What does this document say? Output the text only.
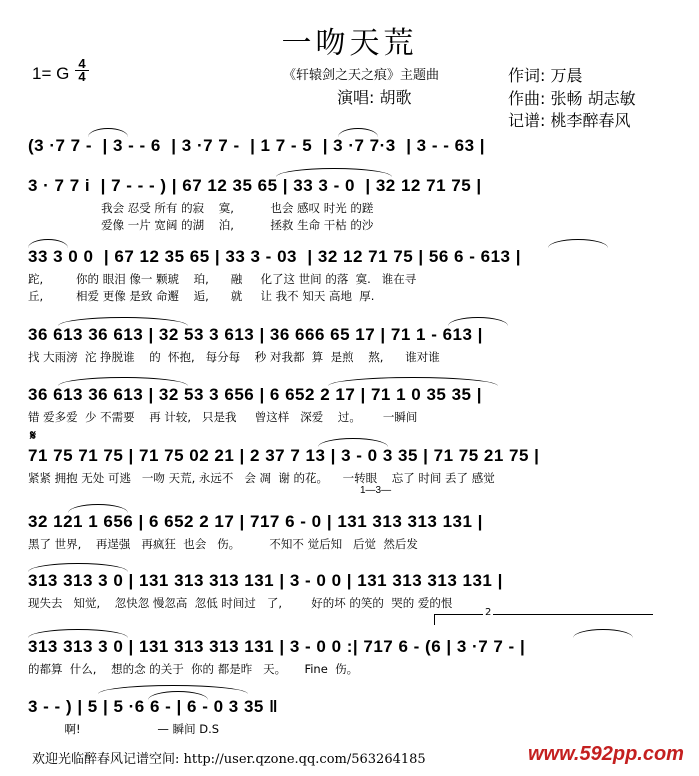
一吻天荒
1= G
4
4	《轩辕剑之天之痕》主题曲
演唱: 胡歌
作词: 万晨
作曲: 张畅 胡志敏
记谱: 桃李醉春风
𝄋
1—3—
2
(3 ·7 7 -  | 3 - - 6  | 3 ·7 7 -  | 1 7 - 5  | 3 ·7 7·3  | 3 - - 63 |
3 · 7 7 i  | 7 - - - ) | 67 12 35 65 | 33 3 - 0  | 32 12 71 75 |
我会 忍受 所有 的寂    寞,          也会 感叹 时光 的蹉
爱像 一片 宽阔 的湖    泊,          拯救 生命 干枯 的沙
33 3 0 0  | 67 12 35 65 | 33 3 - 03  | 32 12 71 75 | 56 6 - 613 |
跎,         你的 眼泪 像一 颗琥    珀,      融     化了这 世间 的落  寞.   谁在寻
丘,         相爱 更像 是致 命邂    逅,      就     让 我不 知天 高地  厚.
36 613 36 613 | 32 53 3 613 | 36 666 65 17 | 71 1 - 613 |
找 大雨滂  沱 挣脱谁    的  怀抱,   每分每    秒 对我都  算  是煎    熬,      谁对谁
36 613 36 613 | 32 53 3 656 | 6 652 2 17 | 71 1 0 35 35 |
错 爱多爱  少 不需要    再 计较,   只是我     曾这样   深爱    过。      一瞬间
71 75 71 75 | 71 75 02 21 | 2 37 7 13 | 3 - 0 3 35 | 71 75 21 75 |
紧紧 拥抱 无处 可逃   一吻 天荒, 永远不   会 凋  谢 的花。    一转眼    忘了 时间 丢了 感觉
32 121 1 656 | 6 652 2 17 | 717 6 - 0 | 131 313 313 131 |
黑了 世界,    再逞强   再疯狂  也会   伤。        不知不 觉后知   后觉  然后发
313 313 3 0 | 131 313 313 131 | 3 - 0 0 | 131 313 313 131 |
现失去   知觉,    忽快忽 慢忽高  忽低 时间过   了,        好的坏 的笑的  哭的 爱的恨
313 313 3 0 | 131 313 313 131 | 3 - 0 0 :| 717 6 - (6 | 3 ·7 7 - |
的都算  什么,    想的念 的关于  你的 都是昨   天。     Fine  伤。
3 - - ) | 5 | 5 ·6 6 - | 6 - 0 3 35 ‖
啊!                     — 瞬间 D.S
欢迎光临醉春风记谱空间: http://user.qzone.qq.com/563264185	www.592pp.com
